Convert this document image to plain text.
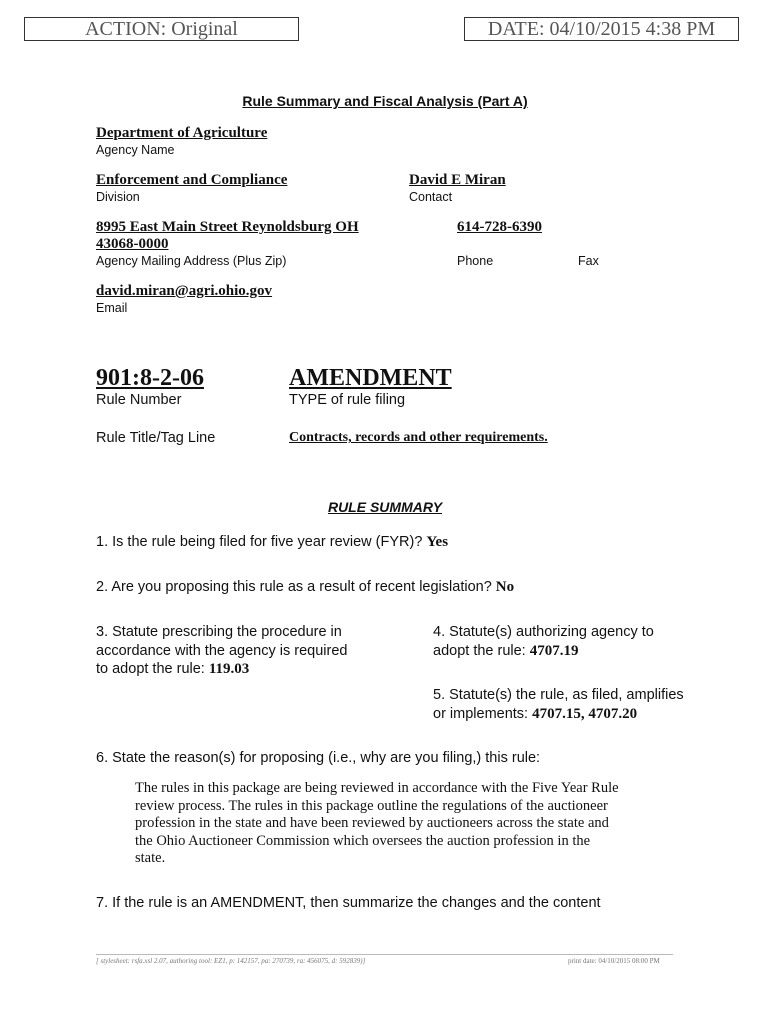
ACTION: Original	DATE: 04/10/2015 4:38 PM
Rule Summary and Fiscal Analysis (Part A)
Department of Agriculture
Agency Name
Enforcement and Compliance
Division
David E Miran
Contact
8995 East Main Street Reynoldsburg OH
43068-0000
Agency Mailing Address (Plus Zip)
614-728-6390
Phone	Fax
david.miran@agri.ohio.gov
Email
901:8-2-06
Rule Number
AMENDMENT
TYPE of rule filing
Rule Title/Tag Line	Contracts, records and other requirements.
RULE SUMMARY
1. Is the rule being filed for five year review (FYR)? Yes
2. Are you proposing this rule as a result of recent legislation? No
3. Statute prescribing the procedure in
accordance with the agency is required
to adopt the rule: 119.03
4. Statute(s) authorizing agency to
adopt the rule: 4707.19
5. Statute(s) the rule, as filed, amplifies
or implements: 4707.15, 4707.20
6. State the reason(s) for proposing (i.e., why are you filing,) this rule:
The rules in this package are being reviewed in accordance with the Five Year Rule
review process. The rules in this package outline the regulations of the auctioneer
profession in the state and have been reviewed by auctioneers across the state and
the Ohio Auctioneer Commission which oversees the auction profession in the
state.
7. If the rule is an AMENDMENT, then summarize the changes and the content
[ stylesheet: rsfa.xsl 2.07, authoring tool: EZ1, p: 142157, pa: 270739, ra: 456075, d: 592839)]	print date: 04/10/2015 08:00 PM
